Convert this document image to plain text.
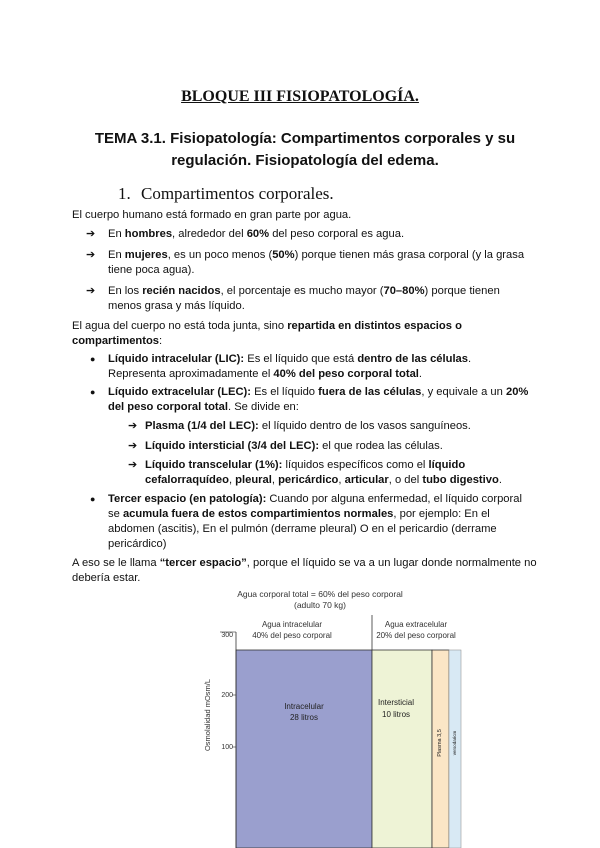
BLOQUE III FISIOPATOLOGÍA.
TEMA 3.1. Fisiopatología: Compartimentos corporales y su regulación. Fisiopatología del edema.
1. Compartimentos corporales.
El cuerpo humano está formado en gran parte por agua.
➔ En hombres, alrededor del 60% del peso corporal es agua.
➔ En mujeres, es un poco menos (50%) porque tienen más grasa corporal (y la grasa tiene poca agua).
➔ En los recién nacidos, el porcentaje es mucho mayor (70–80%) porque tienen menos grasa y más líquido.
El agua del cuerpo no está toda junta, sino repartida en distintos espacios o compartimentos:
● Líquido intracelular (LIC): Es el líquido que está dentro de las células. Representa aproximadamente el 40% del peso corporal total.
● Líquido extracelular (LEC): Es el líquido fuera de las células, y equivale a un 20% del peso corporal total. Se divide en:
➔ Plasma (1/4 del LEC): el líquido dentro de los vasos sanguíneos.
➔ Líquido intersticial (3/4 del LEC): el que rodea las células.
➔ Líquido transcelular (1%): líquidos específicos como el líquido cefalorraquídeo, pleural, pericárdico, articular, o del tubo digestivo.
● Tercer espacio (en patología): Cuando por alguna enfermedad, el líquido corporal se acumula fuera de estos compartimientos normales, por ejemplo: En el abdomen (ascitis), En el pulmón (derrame pleural) O en el pericardio (derrame pericárdico)
A eso se le llama “tercer espacio”, porque el líquido se va a un lugar donde normalmente no debería estar.
Agua corporal total = 60% del peso corporal
(adulto 70 kg)
Agua intracelular
40% del peso corporal
Agua extracelular
20% del peso corporal
300
200
100
Osmolalidad mOsm/L	Intracelular
28 litros
Intersticial
10 litros
Plasma 3,5 versodaricm
